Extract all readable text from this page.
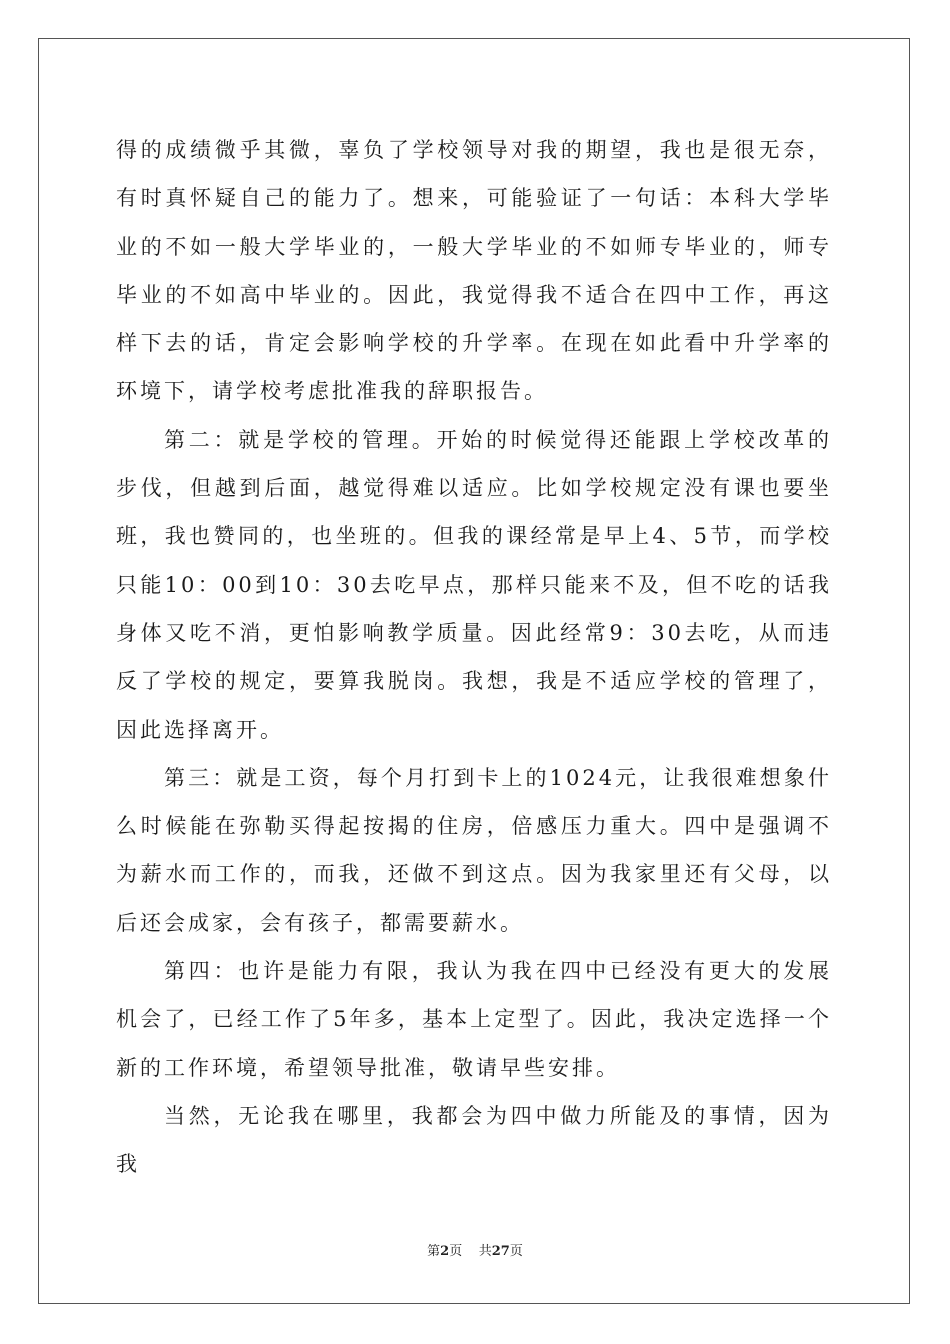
得的成绩微乎其微，辜负了学校领导对我的期望，我也是很无奈，有时真怀疑自己的能力了。想来，可能验证了一句话：本科大学毕业的不如一般大学毕业的，一般大学毕业的不如师专毕业的，师专毕业的不如高中毕业的。因此，我觉得我不适合在四中工作，再这样下去的话，肯定会影响学校的升学率。在现在如此看中升学率的环境下，请学校考虑批准我的辞职报告。

第二：就是学校的管理。开始的时候觉得还能跟上学校改革的步伐，但越到后面，越觉得难以适应。比如学校规定没有课也要坐班，我也赞同的，也坐班的。但我的课经常是早上4、5节，而学校只能10：00到10：30去吃早点，那样只能来不及，但不吃的话我身体又吃不消，更怕影响教学质量。因此经常9：30去吃，从而违反了学校的规定，要算我脱岗。我想，我是不适应学校的管理了，因此选择离开。

第三：就是工资，每个月打到卡上的1024元，让我很难想象什么时候能在弥勒买得起按揭的住房，倍感压力重大。四中是强调不为薪水而工作的，而我，还做不到这点。因为我家里还有父母，以后还会成家，会有孩子，都需要薪水。

第四：也许是能力有限，我认为我在四中已经没有更大的发展机会了，已经工作了5年多，基本上定型了。因此，我决定选择一个新的工作环境，希望领导批准，敬请早些安排。

当然，无论我在哪里，我都会为四中做力所能及的事情，因为我

第2页 共27页
